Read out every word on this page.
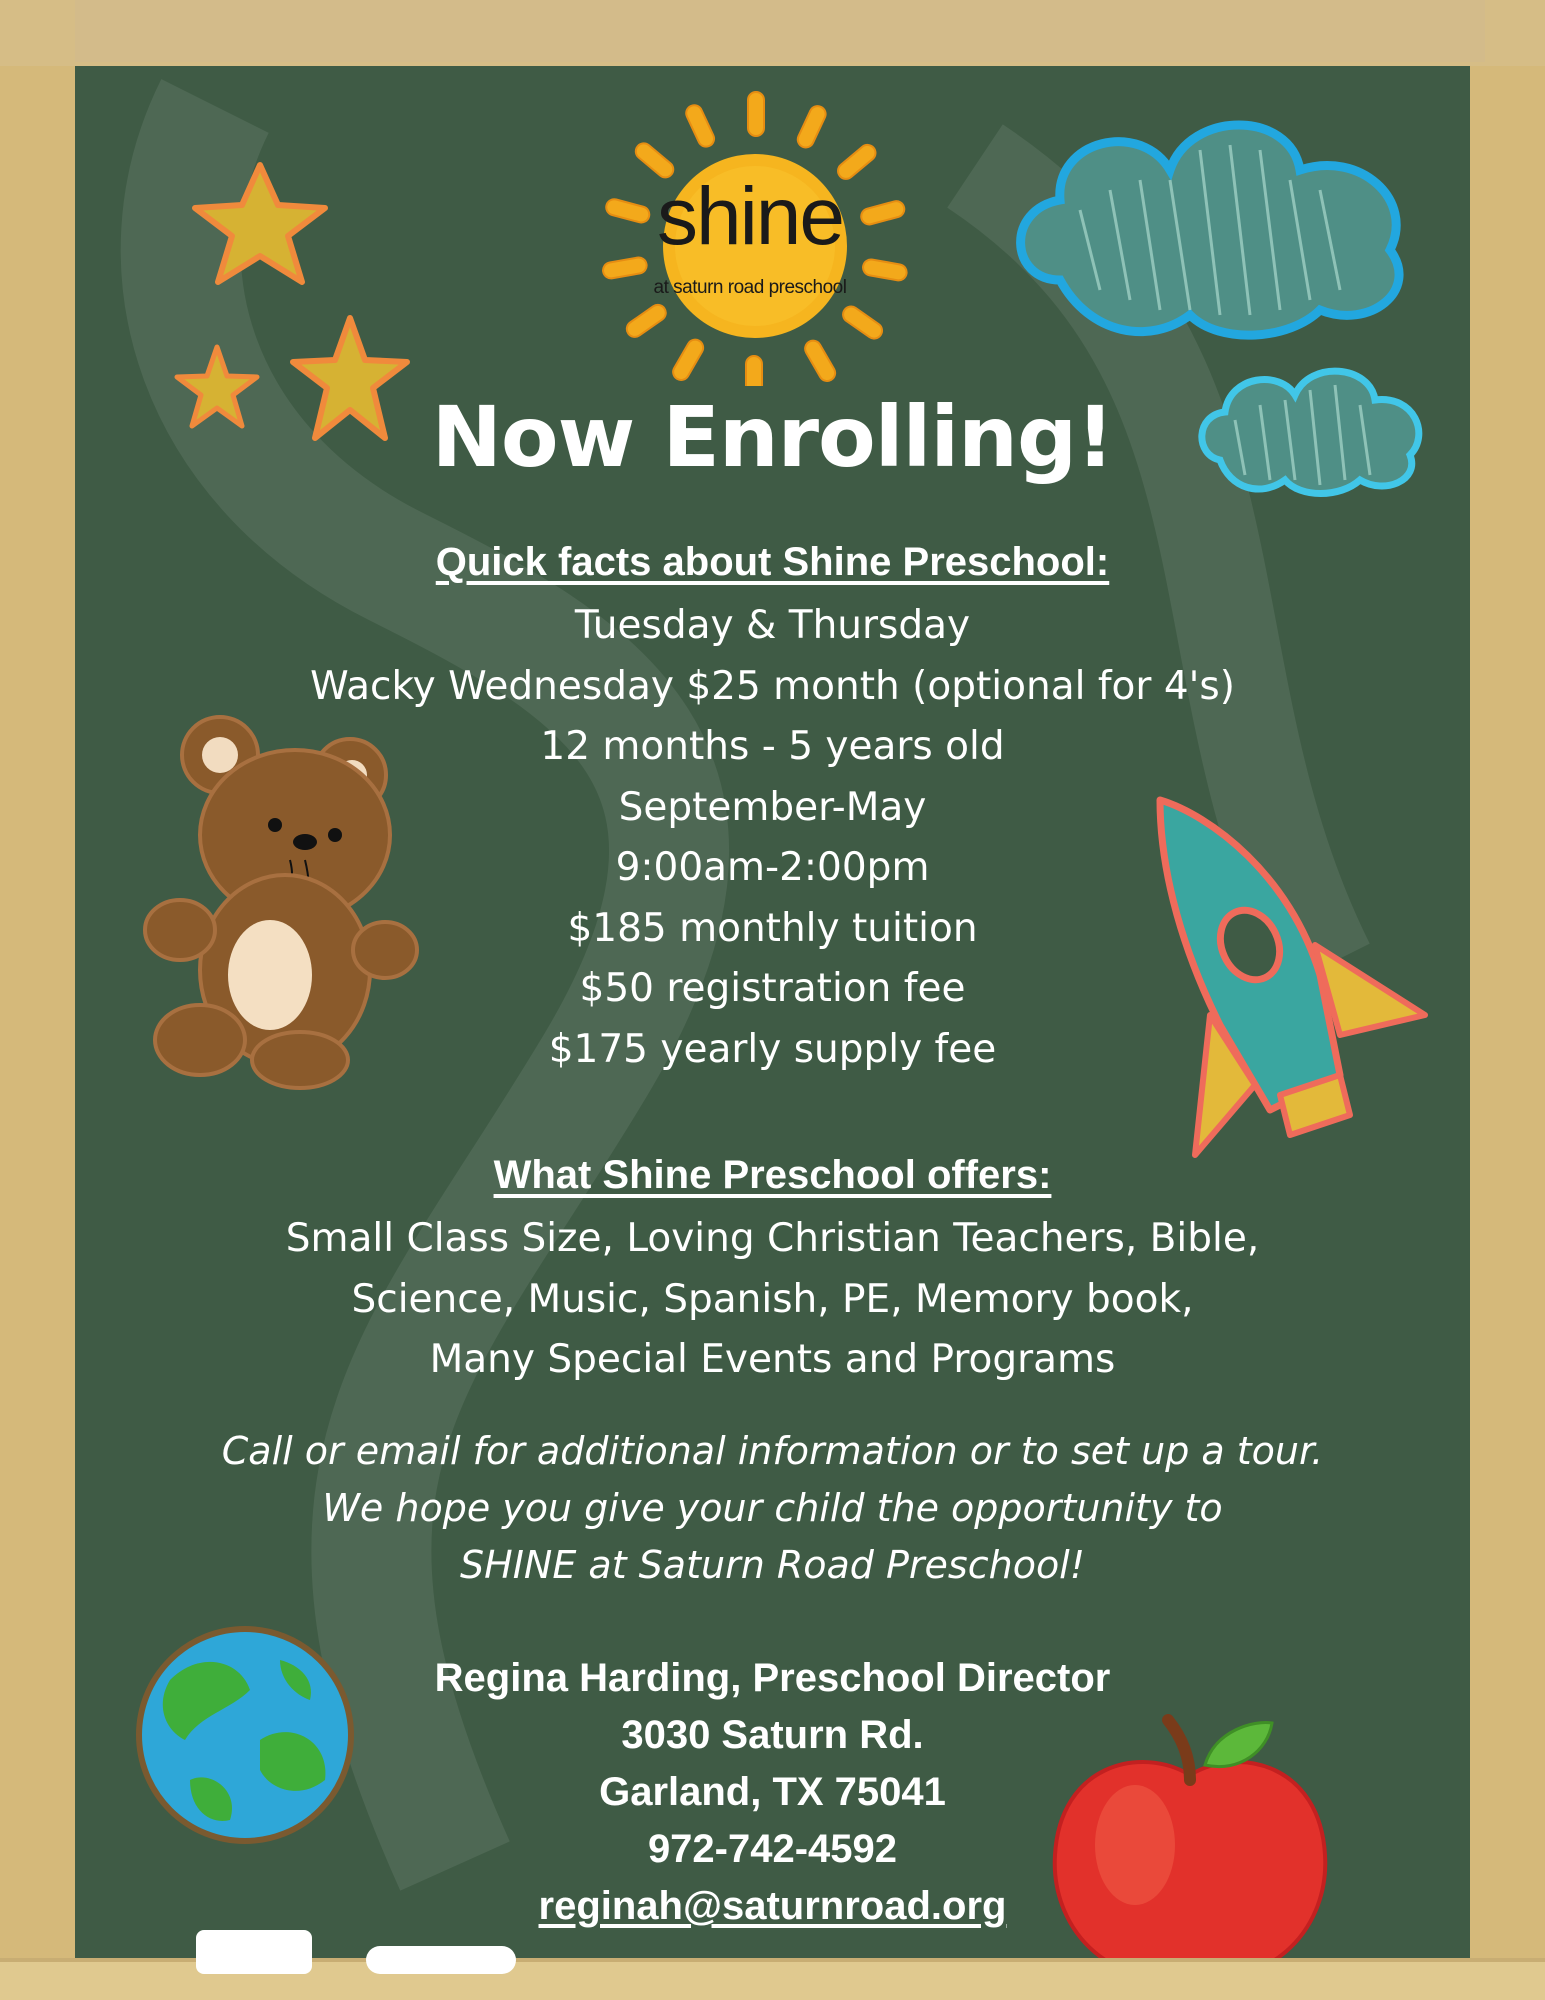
shine
at saturn road preschool
Now Enrolling!
Quick facts about Shine Preschool:
Tuesday & Thursday
Wacky Wednesday $25 month (optional for 4's)
12 months - 5 years old
September-May
9:00am-2:00pm
$185 monthly tuition
$50 registration fee
$175 yearly supply fee
What Shine Preschool offers:
Small Class Size, Loving Christian Teachers, Bible,
Science, Music, Spanish, PE, Memory book,
Many Special Events and Programs
Call or email for additional information or to set up a tour.
We hope you give your child the opportunity to
SHINE at Saturn Road Preschool!
Regina Harding, Preschool Director
3030 Saturn Rd.
Garland, TX 75041
972-742-4592
reginah@saturnroad.org
